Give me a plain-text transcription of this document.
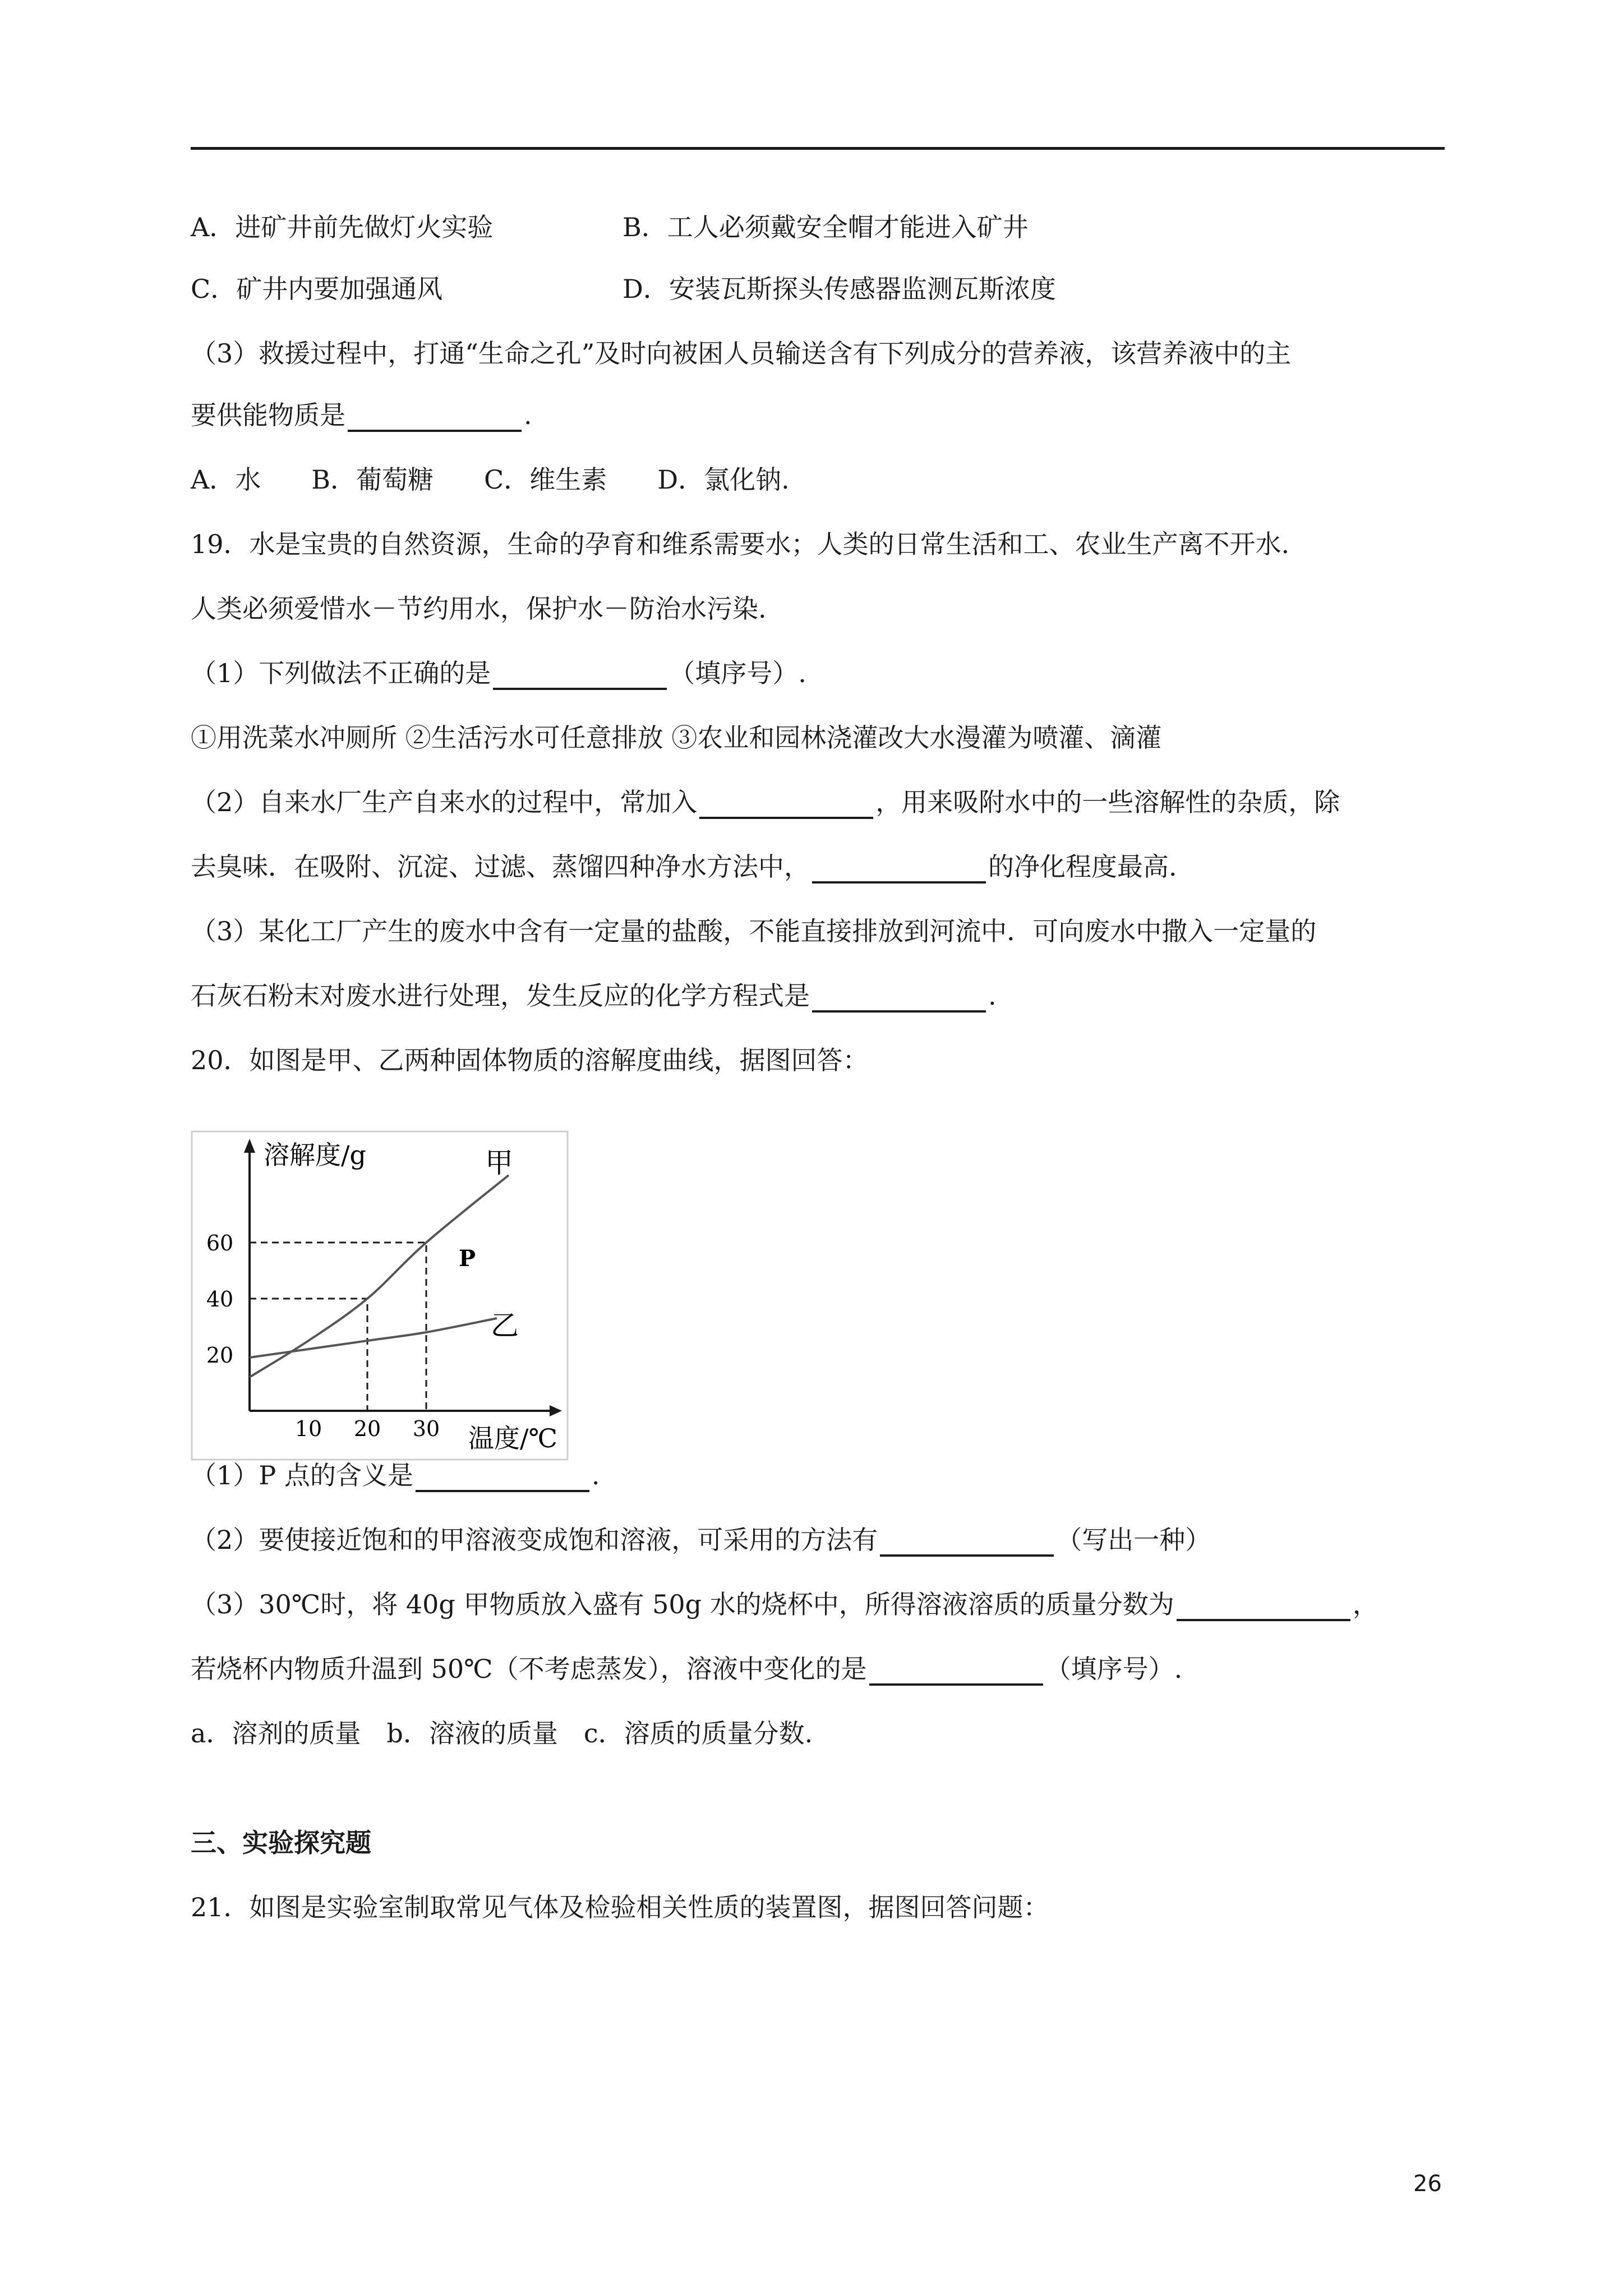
A．进矿井前先做灯火实验	B．工人必须戴安全帽才能进入矿井
C．矿井内要加强通风	D．安装瓦斯探头传感器监测瓦斯浓度
（3）救援过程中，打通“生命之孔”及时向被困人员输送含有下列成分的营养液，该营养液中的主
要供能物质是	.
A．水 B．葡萄糖 C．维生素 D．氯化钠.
19．水是宝贵的自然资源，生命的孕育和维系需要水；人类的日常生活和工、农业生产离不开水.
人类必须爱惜水－节约用水，保护水－防治水污染.
（1）下列做法不正确的是	（填序号）.
①用洗菜水冲厕所 ②生活污水可任意排放 ③农业和园林浇灌改大水漫灌为喷灌、滴灌
（2）自来水厂生产自来水的过程中，常加入	，用来吸附水中的一些溶解性的杂质，除
去臭味．在吸附、沉淀、过滤、蒸馏四种净水方法中，	的净化程度最高.
（3）某化工厂产生的废水中含有一定量的盐酸，不能直接排放到河流中．可向废水中撒入一定量的
石灰石粉末对废水进行处理，发生反应的化学方程式是	.
20．如图是甲、乙两种固体物质的溶解度曲线，据图回答：
溶解度/g
温度/℃
10 20 30
20
40
60
甲
乙
P
（1）P 点的含义是	.
（2）要使接近饱和的甲溶液变成饱和溶液，可采用的方法有	（写出一种）
（3）30℃时，将 40g 甲物质放入盛有 50g 水的烧杯中，所得溶液溶质的质量分数为	，
若烧杯内物质升温到 50℃（不考虑蒸发），溶液中变化的是	（填序号）.
a．溶剂的质量　b．溶液的质量　c．溶质的质量分数.
三、实验探究题
21．如图是实验室制取常见气体及检验相关性质的装置图，据图回答问题：
26
